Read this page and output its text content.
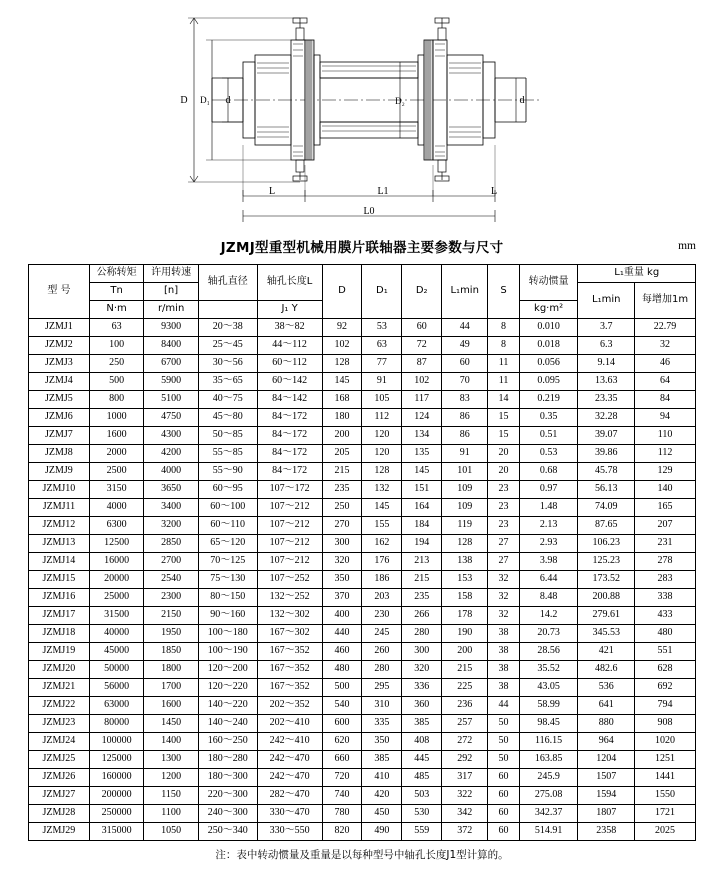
D D₁ d	D₂	d
L	L1	L
L0
JZMJ型重型机械用膜片联轴器主要参数与尺寸	mm
型 号	公称转矩	许用转速	轴孔直径	轴孔长度L	D	D₁	D₂	L₁min	S	转动惯量	L₁重量 kg	
	Tn	[n]									L₁min	每增加1m
	N·m	r/min		J₁ Y						kg·m²		
JZMJ1	63	9300	20～38	38～82	92	53	60	44	8	0.010	3.7	22.79
JZMJ2	100	8400	25～45	44～112	102	63	72	49	8	0.018	6.3	32
JZMJ3	250	6700	30～56	60～112	128	77	87	60	11	0.056	9.14	46
JZMJ4	500	5900	35～65	60～142	145	91	102	70	11	0.095	13.63	64
JZMJ5	800	5100	40～75	84～142	168	105	117	83	14	0.219	23.35	84
JZMJ6	1000	4750	45～80	84～172	180	112	124	86	15	0.35	32.28	94
JZMJ7	1600	4300	50～85	84～172	200	120	134	86	15	0.51	39.07	110
JZMJ8	2000	4200	55～85	84～172	205	120	135	91	20	0.53	39.86	112
JZMJ9	2500	4000	55～90	84～172	215	128	145	101	20	0.68	45.78	129
JZMJ10	3150	3650	60～95	107～172	235	132	151	109	23	0.97	56.13	140
JZMJ11	4000	3400	60～100	107～212	250	145	164	109	23	1.48	74.09	165
JZMJ12	6300	3200	60～110	107～212	270	155	184	119	23	2.13	87.65	207
JZMJ13	12500	2850	65～120	107～212	300	162	194	128	27	2.93	106.23	231
JZMJ14	16000	2700	70～125	107～212	320	176	213	138	27	3.98	125.23	278
JZMJ15	20000	2540	75～130	107～252	350	186	215	153	32	6.44	173.52	283
JZMJ16	25000	2300	80～150	132～252	370	203	235	158	32	8.48	200.88	338
JZMJ17	31500	2150	90～160	132～302	400	230	266	178	32	14.2	279.61	433
JZMJ18	40000	1950	100～180	167～302	440	245	280	190	38	20.73	345.53	480
JZMJ19	45000	1850	100～190	167～352	460	260	300	200	38	28.56	421	551
JZMJ20	50000	1800	120～200	167～352	480	280	320	215	38	35.52	482.6	628
JZMJ21	56000	1700	120～220	167～352	500	295	336	225	38	43.05	536	692
JZMJ22	63000	1600	140～220	202～352	540	310	360	236	44	58.99	641	794
JZMJ23	80000	1450	140～240	202～410	600	335	385	257	50	98.45	880	908
JZMJ24	100000	1400	160～250	242～410	620	350	408	272	50	116.15	964	1020
JZMJ25	125000	1300	180～280	242～470	660	385	445	292	50	163.85	1204	1251
JZMJ26	160000	1200	180～300	242～470	720	410	485	317	60	245.9	1507	1441
JZMJ27	200000	1150	220～300	282～470	740	420	503	322	60	275.08	1594	1550
JZMJ28	250000	1100	240～300	330～470	780	450	530	342	60	342.37	1807	1721
JZMJ29	315000	1050	250～340	330～550	820	490	559	372	60	514.91	2358	2025
注：表中转动惯量及重量是以每种型号中轴孔长度J1型计算的。
